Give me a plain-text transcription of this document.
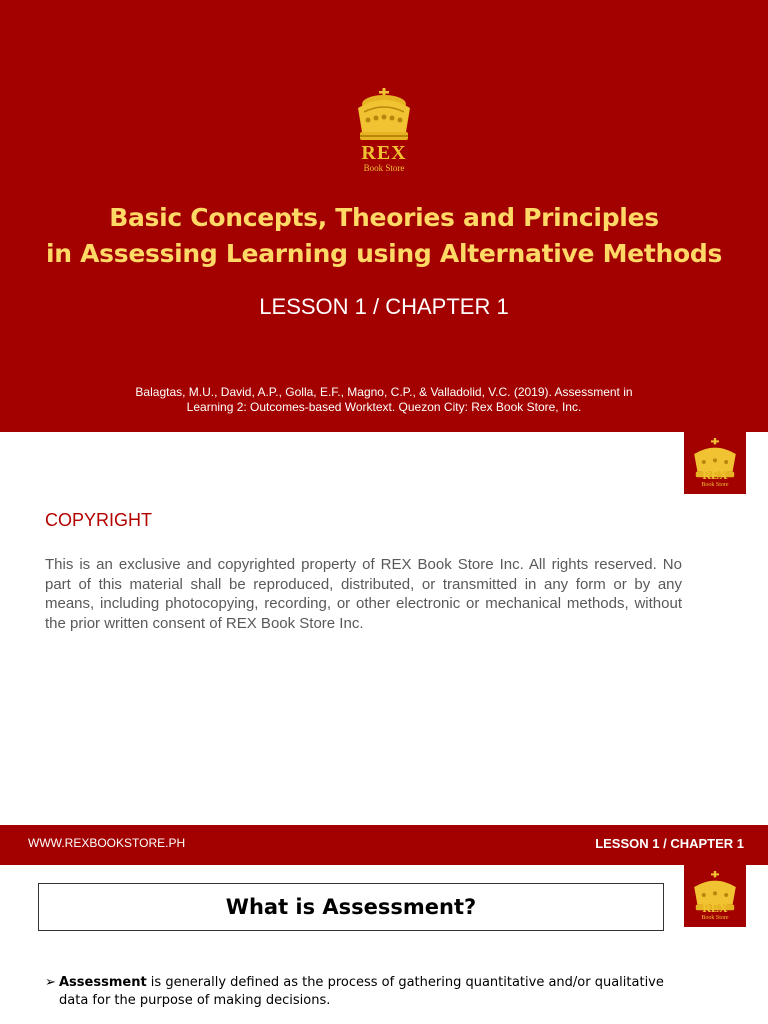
REX
Book Store
Basic Concepts, Theories and Principles
in Assessing Learning using Alternative Methods
LESSON 1 / CHAPTER 1
Balagtas, M.U., David, A.P., Golla, E.F., Magno, C.P., & Valladolid, V.C. (2019). Assessment in
Learning 2: Outcomes-based Worktext. Quezon City: Rex Book Store, Inc.
REX
Book Store
COPYRIGHT
This is an exclusive and copyrighted property of REX Book Store Inc. All rights reserved. No part of this material shall be reproduced, distributed, or transmitted in any form or by any means, including photocopying, recording, or other electronic or mechanical methods, without the prior written consent of REX Book Store Inc.
WWW.REXBOOKSTORE.PH	LESSON 1 / CHAPTER 1
REX
Book Store
What is Assessment?
➢ Assessment is generally defined as the process of gathering quantitative and/or qualitative
data for the purpose of making decisions.
